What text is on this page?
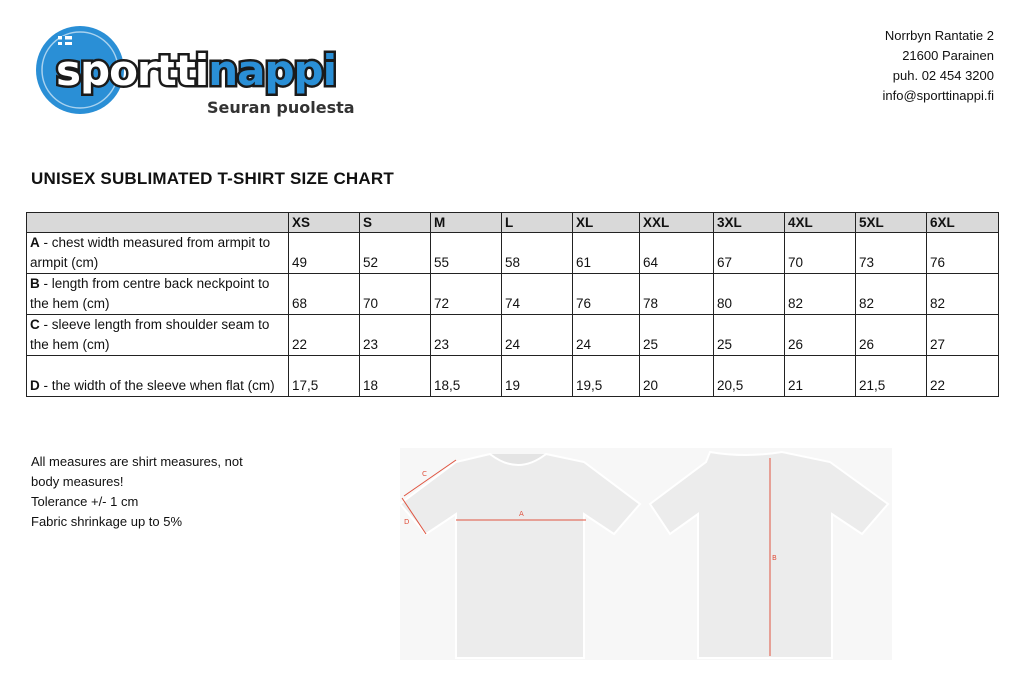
sporttinappi
Seuran puolesta
Norrbyn Rantatie 2
21600 Parainen
puh. 02 454 3200
info@sporttinappi.fi
UNISEX SUBLIMATED T-SHIRT SIZE CHART
	XS	S	M	L	XL	XXL	3XL	4XL	5XL	6XL
A - chest width measured from armpit to armpit (cm)	49	52	55	58	61	64	67	70	73	76
B - length from centre back neckpoint to the hem (cm)	68	70	72	74	76	78	80	82	82	82
C - sleeve length from shoulder seam to the hem (cm)	22	23	23	24	24	25	25	26	26	27
D - the width of the sleeve when flat (cm)	17,5	18	18,5	19	19,5	20	20,5	21	21,5	22
All measures are shirt measures, not
body measures!
Tolerance +/- 1 cm
Fabric shrinkage up to 5%	A
C
D
B
